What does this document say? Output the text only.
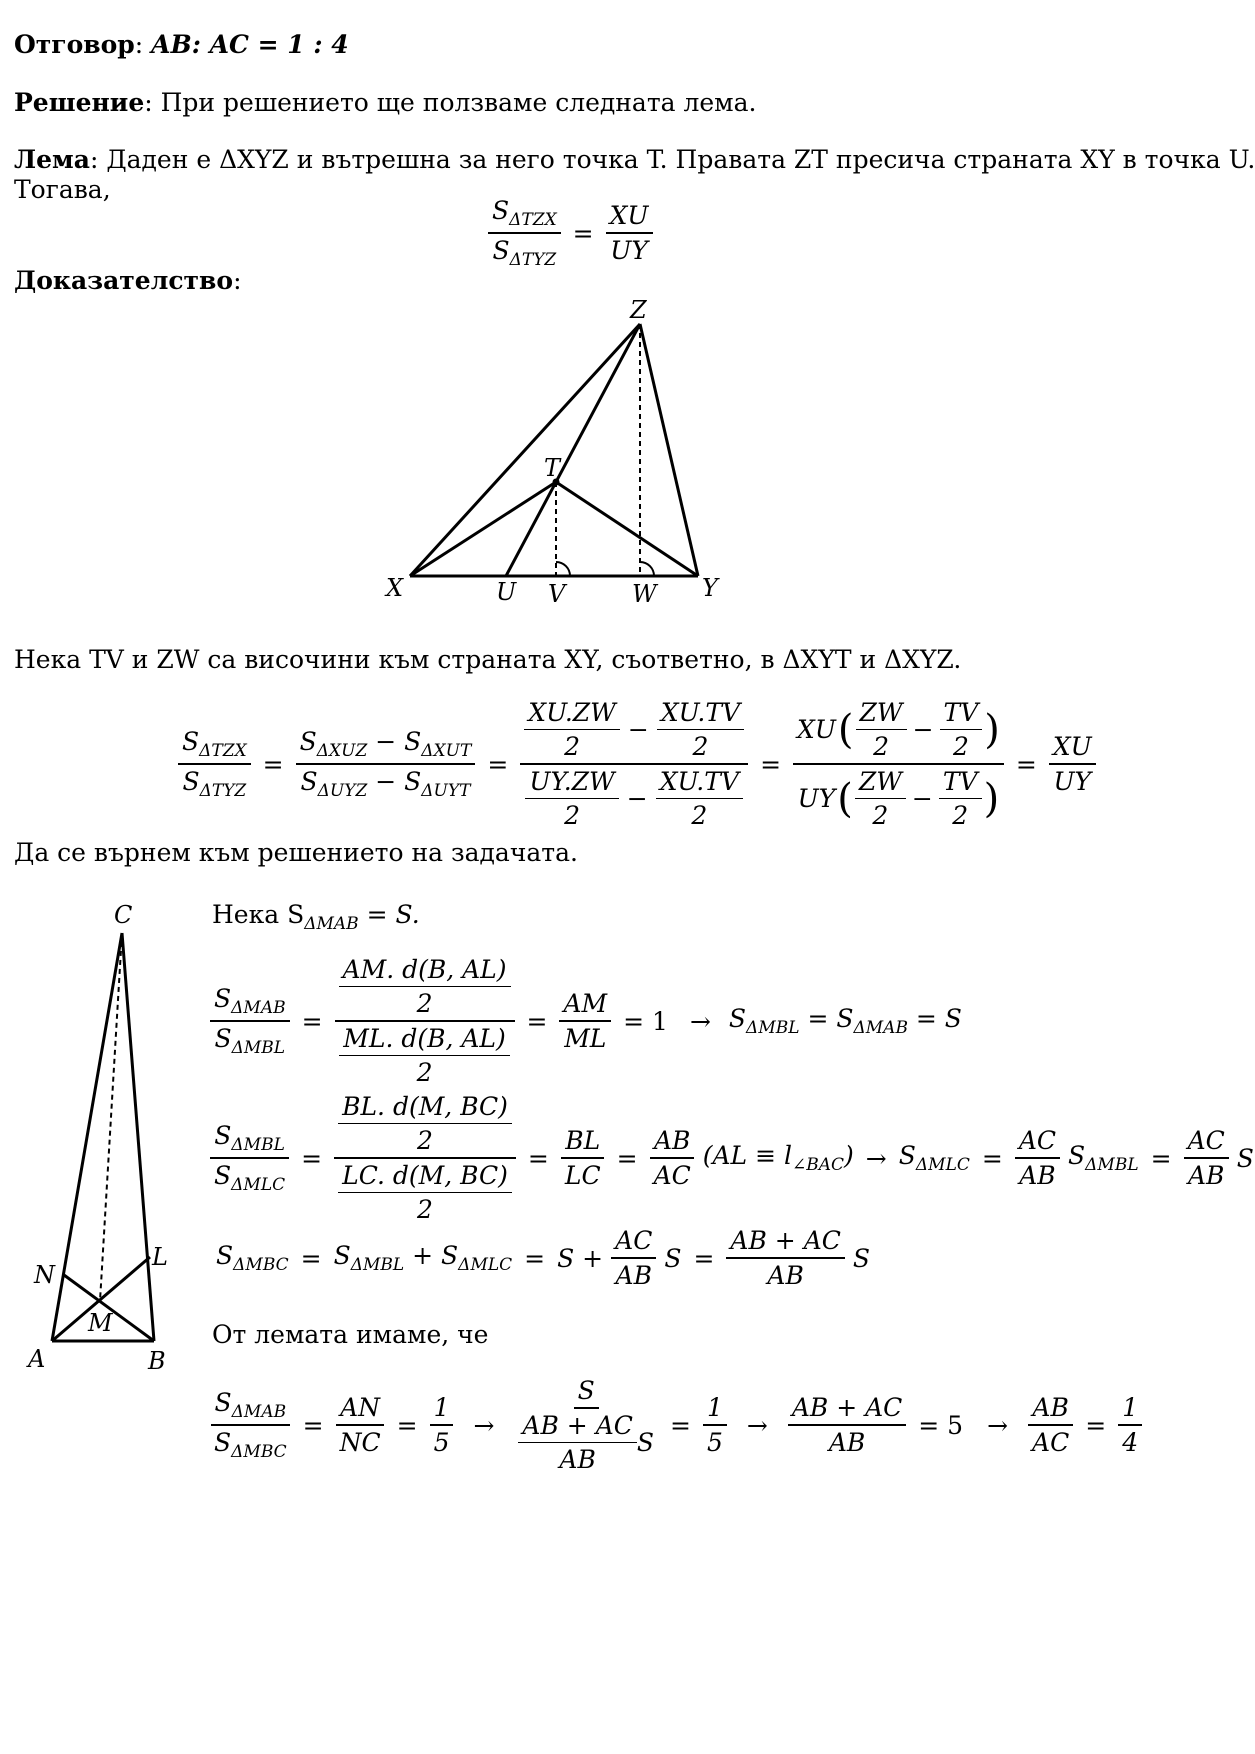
Отговор: AB: AC = 1 : 4
Решение: При решението ще ползваме следната лема.
Лема: Даден е ΔXYZ и вътрешна за него точка T. Правата ZT пресича страната XY в точка U.
Тогава,
$\frac{S_{\Delta TZX}}{S_{\Delta TYZ}} = \frac{XU}{UY}$
Доказателство:
Z
T
X	U V	W Y
Нека TV и ZW са височини към страната XY, съответно, в ΔXYT и ΔXYZ.
$\frac{S_{\Delta TZX}}{S_{\Delta TYZ}} = \frac{S_{\Delta XUZ} - S_{\Delta XUT}}{S_{\Delta UYZ} - S_{\Delta UYT}} = \frac{\frac{XU.ZW}{2} - \frac{XU.TV}{2}}{\frac{UY.ZW}{2} - \frac{XU.TV}{2}} = \frac{XU ( \frac{ZW}{2} - \frac{TV}{2} )}{UY ( \frac{ZW}{2} - \frac{TV}{2} )} = \frac{XU}{UY}$
Да се върнем към решението на задачата.
C
N
L
M
A	B
Нека $S_{\Delta MAB} = S$.
$\frac{S_{\Delta MAB}}{S_{\Delta MBL}} = \frac{\frac{AM. d(B, AL)}{2}}{\frac{ML. d(B, AL)}{2}} = \frac{AM}{ML} = 1 \to S_{\Delta MBL} = S_{\Delta MAB} = S$
$\frac{S_{\Delta MBL}}{S_{\Delta MLC}} = \frac{\frac{BL. d(M, BC)}{2}}{\frac{LC. d(M, BC)}{2}} = \frac{BL}{LC} = \frac{AB}{AC} (AL \equiv l_{\angle BAC}) \to S_{\Delta MLC} = \frac{AC}{AB} S_{\Delta MBL} = \frac{AC}{AB}$ S
$S_{\Delta MBC} = S_{\Delta MBL} + S_{\Delta MLC} = S + \frac{AC}{AB}$ $S = \frac{AB + AC}{AB}$ S
От лемата имаме, че
$\frac{S_{\Delta MAB}}{S_{\Delta MBC}} = \frac{AN}{NC} = \frac{1}{5} \to \frac{S}{\frac{AB + AC}{AB} S} = \frac{1}{5} \to \frac{AB + AC}{AB} = 5 \to \frac{AB}{AC} = \frac{1}{4}$
